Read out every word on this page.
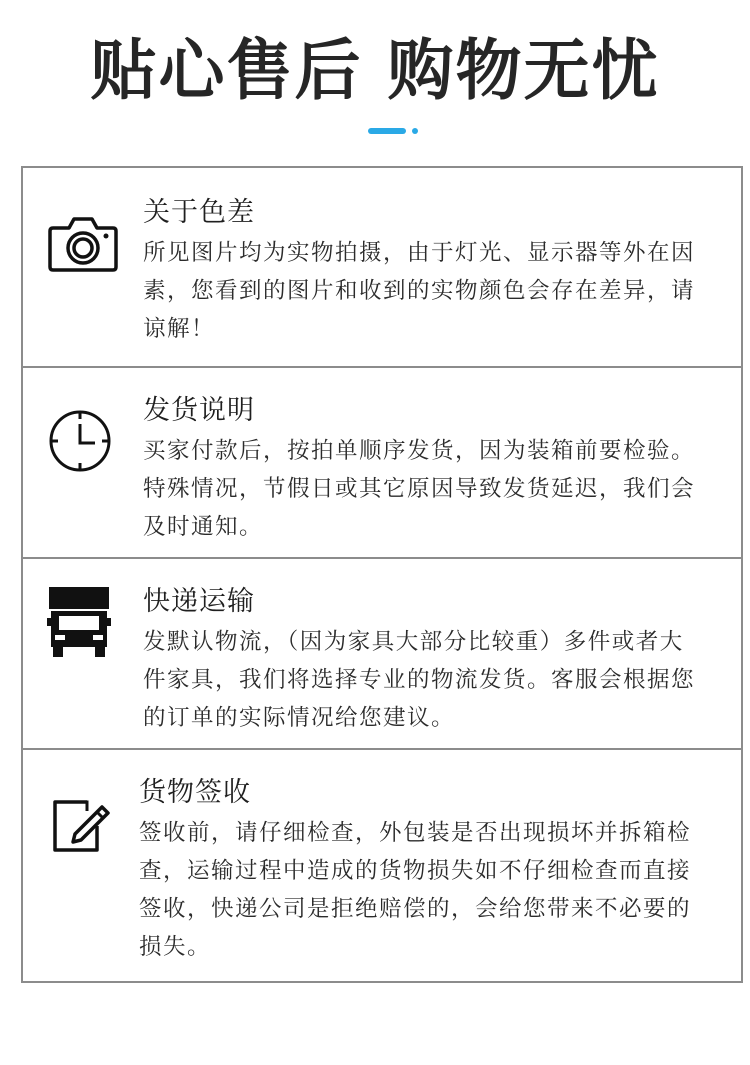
贴心售后 购物无忧
关于色差

所见图片均为实物拍摄，由于灯光、显示器等外在因素，您看到的图片和收到的实物颜色会存在差异，请谅解！

发货说明

买家付款后，按拍单顺序发货，因为装箱前要检验。特殊情况，节假日或其它原因导致发货延迟，我们会及时通知。

快递运输

发默认物流，（因为家具大部分比较重）多件或者大件家具，我们将选择专业的物流发货。客服会根据您的订单的实际情况给您建议。

货物签收

签收前，请仔细检查，外包装是否出现损坏并拆箱检查，运输过程中造成的货物损失如不仔细检查而直接签收，快递公司是拒绝赔偿的，会给您带来不必要的损失。
